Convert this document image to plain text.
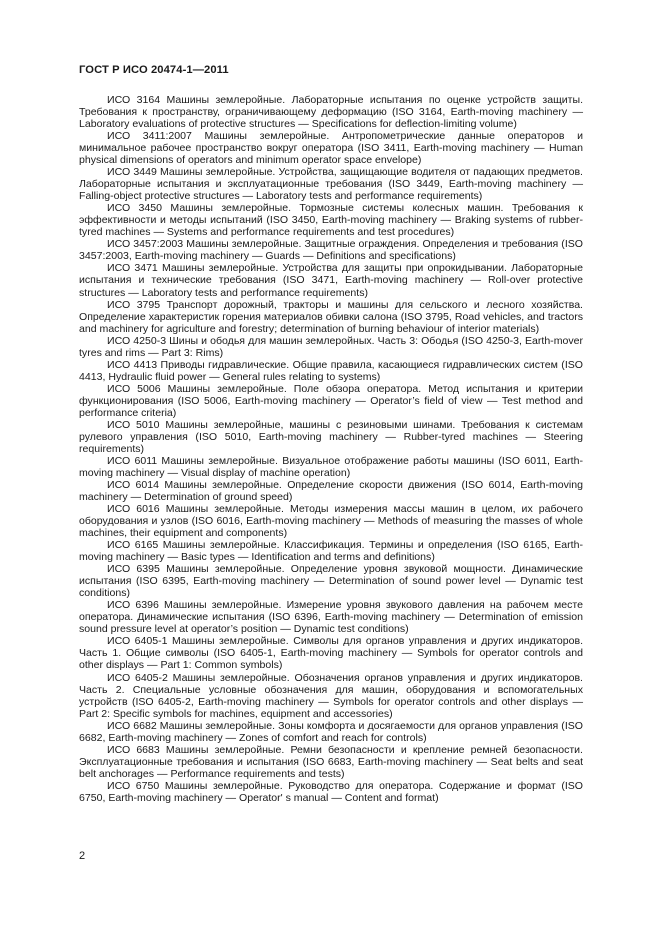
ГОСТ Р ИСО 20474-1—2011

ИСО 3164 Машины землеройные. Лабораторные испытания по оценке устройств защиты. Требования к пространству, ограничивающему деформацию (ISO 3164, Earth-moving machinery — Laboratory evaluations of protective structures — Specifications for deflection-limiting volume)

ИСО 3411:2007 Машины землеройные. Антропометрические данные операторов и минимальное рабочее пространство вокруг оператора (ISO 3411, Earth-moving machinery — Human physical dimensions of operators and minimum operator space envelope)

ИСО 3449 Машины землеройные. Устройства, защищающие водителя от падающих предметов. Лабораторные испытания и эксплуатационные требования (ISO 3449, Earth-moving machinery — Falling-object protective structures — Laboratory tests and performance requirements)

ИСО 3450 Машины землеройные. Тормозные системы колесных машин. Требования к эффективности и методы испытаний (ISO 3450, Earth-moving machinery — Braking systems of rubber-tyred machines — Systems and performance requirements and test procedures)

ИСО 3457:2003 Машины землеройные. Защитные ограждения. Определения и требования (ISO 3457:2003, Earth-moving machinery — Guards — Definitions and specifications)

ИСО 3471 Машины землеройные. Устройства для защиты при опрокидывании. Лабораторные испытания и технические требования (ISO 3471, Earth-moving machinery — Roll-over protective structures — Laboratory tests and performance requirements)

ИСО 3795 Транспорт дорожный, тракторы и машины для сельского и лесного хозяйства. Определение характеристик горения материалов обивки салона (ISO 3795, Road vehicles, and tractors and machinery for agriculture and forestry; determination of burning behaviour of interior materials)

ИСО 4250-3 Шины и ободья для машин землеройных. Часть 3: Ободья (ISO 4250-3, Earth-mover tyres and rims — Part 3: Rims)

ИСО 4413 Приводы гидравлические. Общие правила, касающиеся гидравлических систем (ISO 4413, Hydraulic fluid power — General rules relating to systems)

ИСО 5006 Машины землеройные. Поле обзора оператора. Метод испытания и критерии функционирования (ISO 5006, Earth-moving machinery — Operator’s field of view — Test method and performance criteria)

ИСО 5010 Машины землеройные, машины с резиновыми шинами. Требования к системам рулевого управления (ISO 5010, Earth-moving machinery — Rubber-tyred machines — Steering requirements)

ИСО 6011 Машины землеройные. Визуальное отображение работы машины (ISO 6011, Earth-moving machinery — Visual display of machine operation)

ИСО 6014 Машины землеройные. Определение скорости движения (ISO 6014, Earth-moving machinery — Determination of ground speed)

ИСО 6016 Машины землеройные. Методы измерения массы машин в целом, их рабочего оборудования и узлов (ISO 6016, Earth-moving machinery — Methods of measuring the masses of whole machines, their equipment and components)

ИСО 6165 Машины землеройные. Классификация. Термины и определения (ISO 6165, Earth-moving machinery — Basic types — Identification and terms and definitions)

ИСО 6395 Машины землеройные. Определение уровня звуковой мощности. Динамические испытания (ISO 6395, Earth-moving machinery — Determination of sound power level — Dynamic test conditions)

ИСО 6396 Машины землеройные. Измерение уровня звукового давления на рабочем месте оператора. Динамические испытания (ISO 6396, Earth-moving machinery — Determination of emission sound pressure level at operator’s position — Dynamic test conditions)

ИСО 6405-1 Машины землеройные. Символы для органов управления и других индикаторов. Часть 1. Общие символы (ISO 6405-1, Earth-moving machinery — Symbols for operator controls and other displays — Part 1: Common symbols)

ИСО 6405-2 Машины землеройные. Обозначения органов управления и других индикаторов. Часть 2. Специальные условные обозначения для машин, оборудования и вспомогательных устройств (ISO 6405-2, Earth-moving machinery — Symbols for operator controls and other displays — Part 2: Specific symbols for machines, equipment and accessories)

ИСО 6682 Машины землеройные. Зоны комфорта и досягаемости для органов управления (ISO 6682, Earth-moving machinery — Zones of comfort and reach for controls)

ИСО 6683 Машины землеройные. Ремни безопасности и крепление ремней безопасности. Эксплуатационные требования и испытания (ISO 6683, Earth-moving machinery — Seat belts and seat belt anchorages — Performance requirements and tests)

ИСО 6750 Машины землеройные. Руководство для оператора. Содержание и формат (ISO 6750, Earth-moving machinery — Operator' s manual — Content and format)

2
